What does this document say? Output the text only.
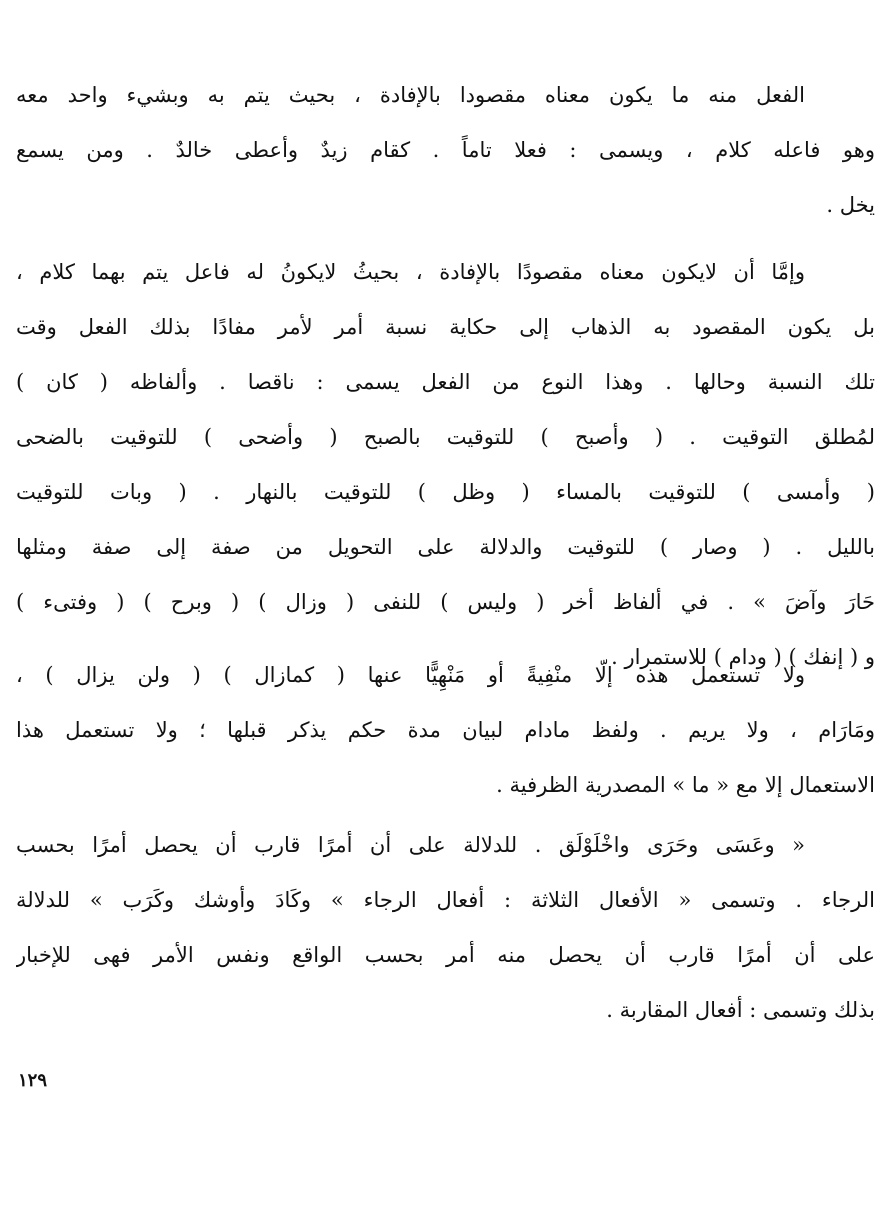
الفعل منه ما يكون معناه مقصودا بالإفادة ، بحيث يتم به وبشيء واحد معه
وهو فاعله كلام ، ويسمى : فعلا تاماً . كقام زيدٌ وأعطى خالدٌ . ومن يسمع
يخل .
وإمَّا أن لايكون معناه مقصودًا بالإفادة ، بحيثُ لايكونُ له فاعل يتم بهما كلام ،
بل يكون المقصود به الذهاب إلى حكاية نسبة أمر لأمر مفادًا بذلك الفعل وقت
تلك النسبة وحالها . وهذا النوع من الفعل يسمى : ناقصا . وألفاظه ( كان )
لمُطلق التوقيت . ( وأصبح ) للتوقيت بالصبح ( وأضحى ) للتوقيت بالضحى
( وأمسى ) للتوقيت بالمساء ( وظل ) للتوقيت بالنهار . ( وبات للتوقيت
بالليل . ( وصار ) للتوقيت والدلالة على التحويل من صفة إلى صفة ومثلها
حَارَ وآضَ » . في ألفاظ أخر ( وليس ) للنفى ( وزال ) ( وبرح ) ( وفتىء )
و ( إنفك ) ( ودام ) للاستمرار .
ولا تستعمل هذه إلّا منْفِيةً أو مَنْهِيًّا عنها ( كمازال ) ( ولن يزال ) ،
ومَارَام ، ولا يريم . ولفظ مادام لبيان مدة حكم يذكر قبلها ؛ ولا تستعمل هذا
الاستعمال إلا مع « ما » المصدرية الظرفية .
« وعَسَى وحَرَى واخْلَوْلَق . للدلالة على أن أمرًا قارب أن يحصل أمرًا بحسب
الرجاء . وتسمى « الأفعال الثلاثة : أفعال الرجاء » وكَادَ وأوشك وكَرَب » للدلالة
على أن أمرًا قارب أن يحصل منه أمر بحسب الواقع ونفس الأمر فهى للإخبار
بذلك وتسمى : أفعال المقاربة .
١٢٩
